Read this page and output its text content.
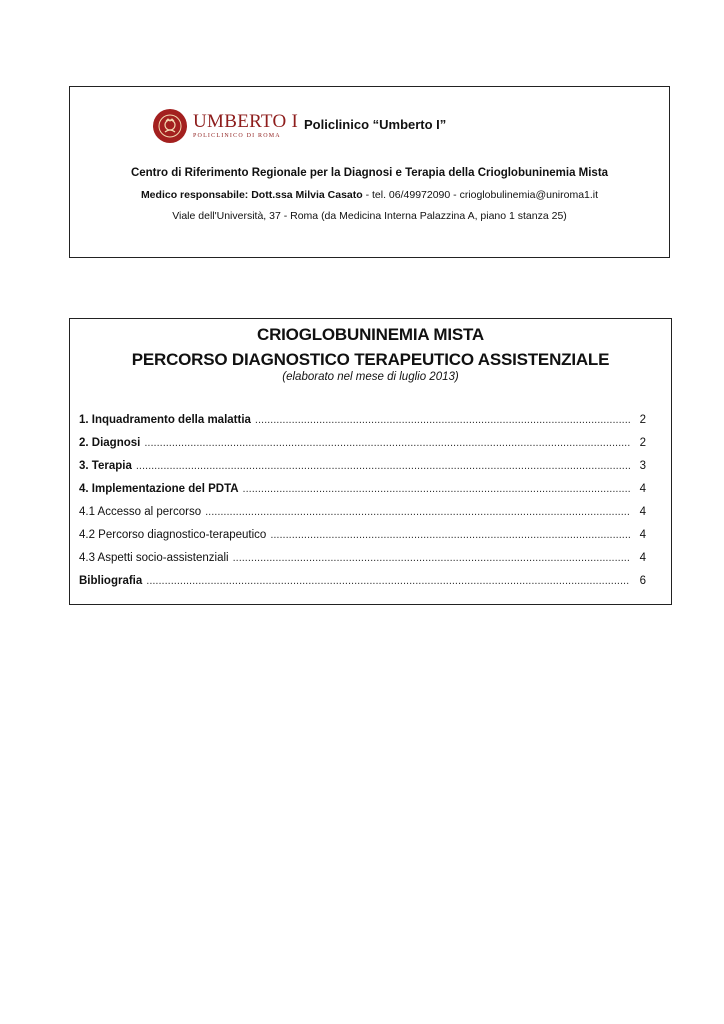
UMBERTO I
POLICLINICO DI ROMA
Policlinico “Umberto I”
Centro di Riferimento Regionale per la Diagnosi e Terapia della Crioglobuninemia Mista
Medico responsabile: Dott.ssa Milvia Casato - tel. 06/49972090 - crioglobulinemia@uniroma1.it
Viale dell'Università, 37 - Roma (da Medicina Interna Palazzina A, piano 1 stanza 25)
CRIOGLOBUNINEMIA MISTA
PERCORSO DIAGNOSTICO TERAPEUTICO ASSISTENZIALE
(elaborato nel mese di luglio 2013)
1. Inquadramento della malattia .....	2
2. Diagnosi .....	2
3. Terapia .....	3
4. Implementazione del PDTA .....	4
4.1 Accesso al percorso .....	4
4.2 Percorso diagnostico-terapeutico .....	4
4.3 Aspetti socio-assistenziali .....	4
Bibliografia .....	6
